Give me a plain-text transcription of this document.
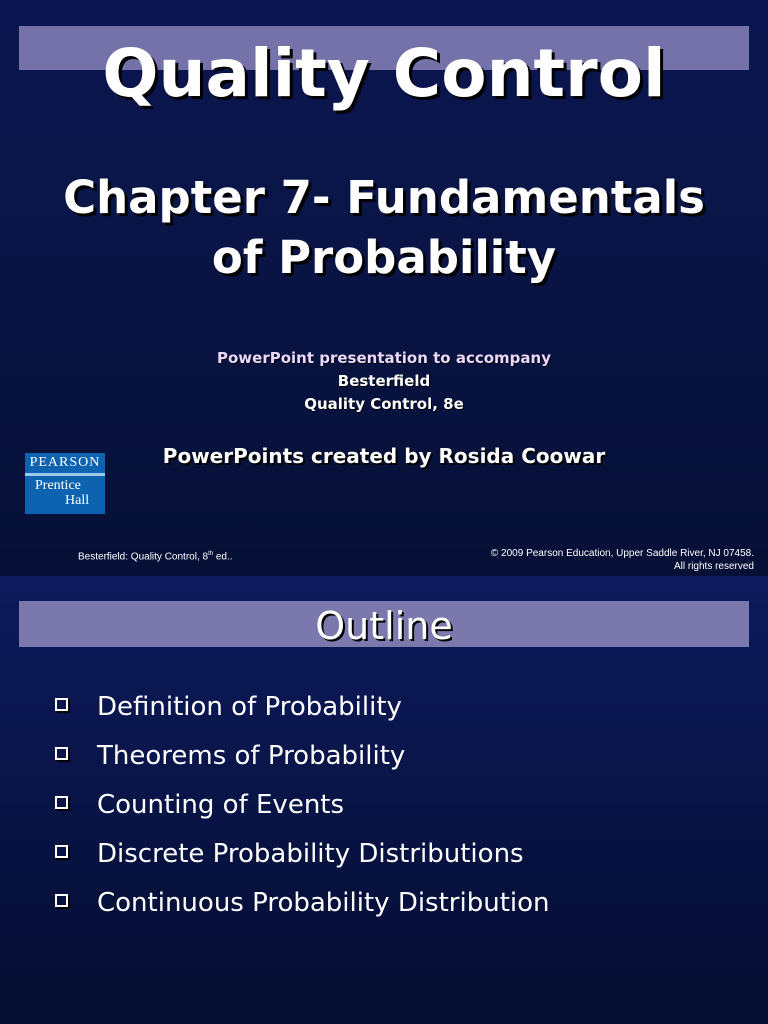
Quality Control
Chapter 7- Fundamentals
of Probability
PowerPoint presentation to accompany
Besterfield
Quality Control, 8e
PowerPoints created by Rosida Coowar
PEARSON
Prentice
Hall
Besterfield: Quality Control, 8th ed..	© 2009 Pearson Education, Upper Saddle River, NJ 07458.
All rights reserved
Outline
Definition of Probability
Theorems of Probability
Counting of Events
Discrete Probability Distributions
Continuous Probability Distribution
